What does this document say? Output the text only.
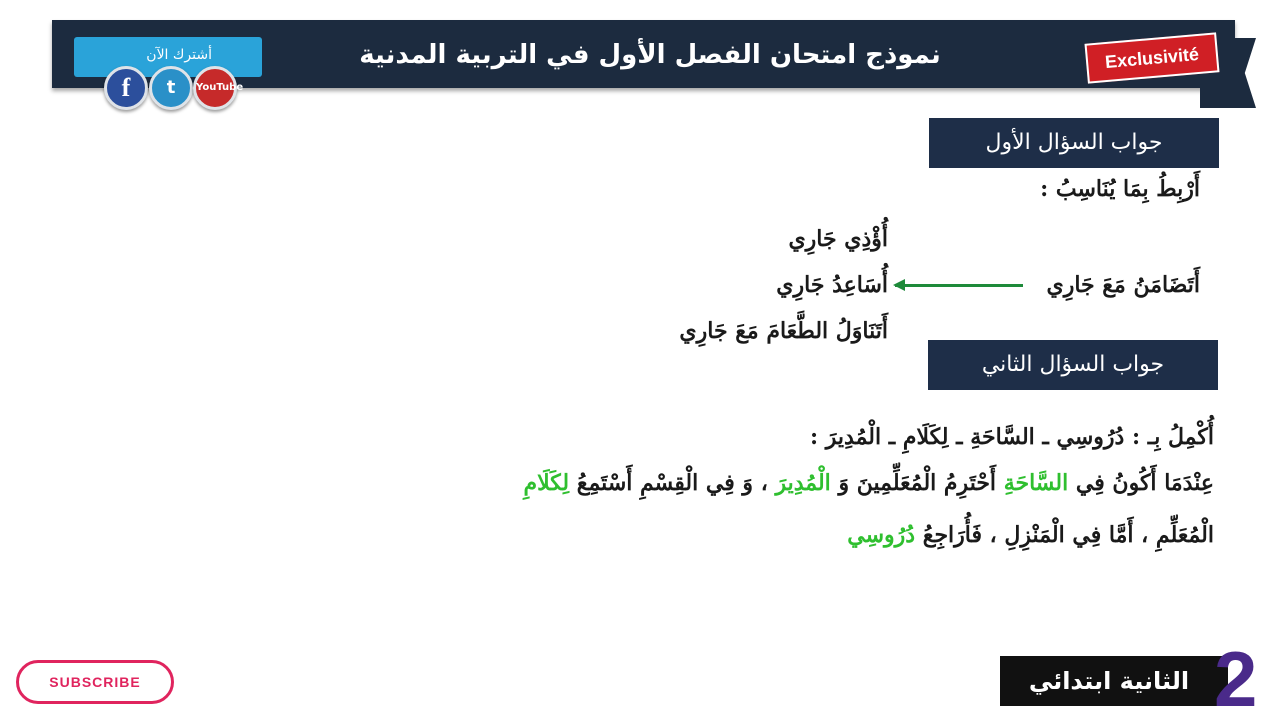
نموذج امتحان الفصل الأول في التربية المدنية
أشترك الآن
f	t	YouTube
Exclusivité
جواب السؤال الأول
أَرْبِطُ بِمَا يُنَاسِبُ :
أُؤْذِي جَارِي
أُسَاعِدُ جَارِي
أَتَنَاوَلُ الطَّعَامَ مَعَ جَارِي
أَتَضَامَنُ مَعَ جَارِي
جواب السؤال الثاني
أُكْمِلُ بِـ : دُرُوسِي ـ السَّاحَةِ ـ لِكَلَامِ ـ الْمُدِيرَ :
عِنْدَمَا أَكُونُ فِي السَّاحَةِ أَحْتَرِمُ الْمُعَلِّمِينَ وَ الْمُدِيرَ ، وَ فِي الْقِسْمِ أَسْتَمِعُ لِكَلَامِ
الْمُعَلِّمِ ، أَمَّا فِي الْمَنْزِلِ ، فَأُرَاجِعُ دُرُوسِي
SUBSCRIBE	الثانية ابتدائي 2
